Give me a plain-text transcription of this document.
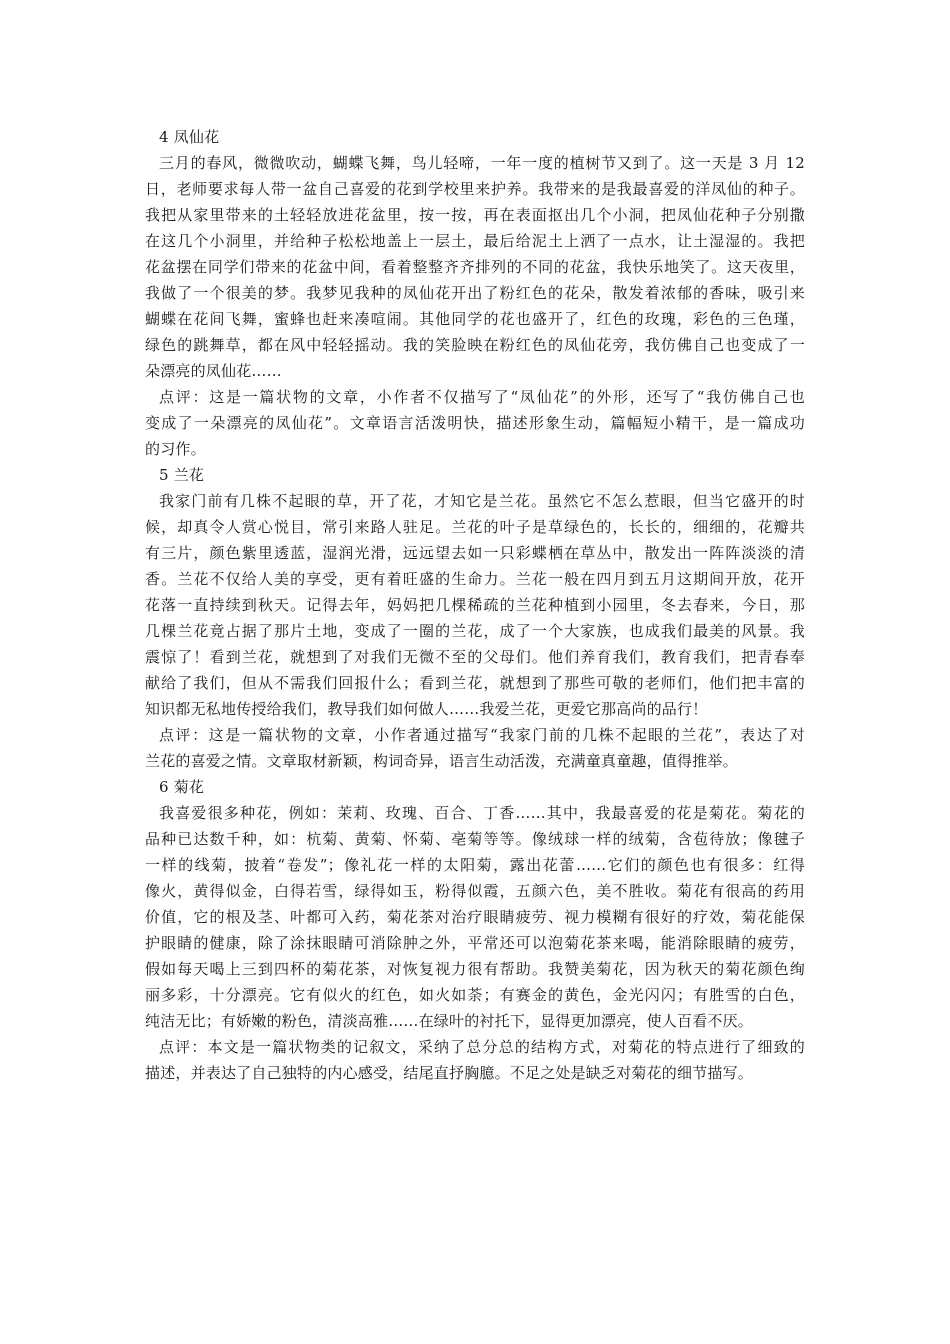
4 凤仙花
三月的春风，微微吹动，蝴蝶飞舞，鸟儿轻啼，一年一度的植树节又到了。这一天是 3 月 12
日，老师要求每人带一盆自己喜爱的花到学校里来护养。我带来的是我最喜爱的洋凤仙的种子。
我把从家里带来的土轻轻放进花盆里，按一按，再在表面抠出几个小洞，把凤仙花种子分别撒
在这几个小洞里，并给种子松松地盖上一层土，最后给泥土上洒了一点水，让土湿湿的。我把
花盆摆在同学们带来的花盆中间，看着整整齐齐排列的不同的花盆，我快乐地笑了。这天夜里，
我做了一个很美的梦。我梦见我种的凤仙花开出了粉红色的花朵，散发着浓郁的香味，吸引来
蝴蝶在花间飞舞，蜜蜂也赶来凑喧闹。其他同学的花也盛开了，红色的玫瑰，彩色的三色瑾，
绿色的跳舞草，都在风中轻轻摇动。我的笑脸映在粉红色的凤仙花旁，我仿佛自己也变成了一
朵漂亮的凤仙花……
点评：这是一篇状物的文章，小作者不仅描写了“凤仙花”的外形，还写了“我仿佛自己也
变成了一朵漂亮的凤仙花”。文章语言活泼明快，描述形象生动，篇幅短小精干，是一篇成功
的习作。
5 兰花
我家门前有几株不起眼的草，开了花，才知它是兰花。虽然它不怎么惹眼，但当它盛开的时
候，却真令人赏心悦目，常引来路人驻足。兰花的叶子是草绿色的，长长的，细细的，花瓣共
有三片，颜色紫里透蓝，湿润光滑，远远望去如一只彩蝶栖在草丛中，散发出一阵阵淡淡的清
香。兰花不仅给人美的享受，更有着旺盛的生命力。兰花一般在四月到五月这期间开放，花开
花落一直持续到秋天。记得去年，妈妈把几棵稀疏的兰花种植到小园里，冬去春来，今日，那
几棵兰花竟占据了那片土地，变成了一圈的兰花，成了一个大家族，也成我们最美的风景。我
震惊了！看到兰花，就想到了对我们无微不至的父母们。他们养育我们，教育我们，把青春奉
献给了我们，但从不需我们回报什么；看到兰花，就想到了那些可敬的老师们，他们把丰富的
知识都无私地传授给我们，教导我们如何做人……我爱兰花，更爱它那高尚的品行！
点评：这是一篇状物的文章，小作者通过描写“我家门前的几株不起眼的兰花”，表达了对
兰花的喜爱之情。文章取材新颖，构词奇异，语言生动活泼，充满童真童趣，值得推举。
6 菊花
我喜爱很多种花，例如：茉莉、玫瑰、百合、丁香……其中，我最喜爱的花是菊花。菊花的
品种已达数千种，如：杭菊、黄菊、怀菊、亳菊等等。像绒球一样的绒菊，含苞待放；像毽子
一样的线菊，披着“卷发”；像礼花一样的太阳菊，露出花蕾……它们的颜色也有很多：红得
像火，黄得似金，白得若雪，绿得如玉，粉得似霞，五颜六色，美不胜收。菊花有很高的药用
价值，它的根及茎、叶都可入药，菊花茶对治疗眼睛疲劳、视力模糊有很好的疗效，菊花能保
护眼睛的健康，除了涂抹眼睛可消除肿之外，平常还可以泡菊花茶来喝，能消除眼睛的疲劳，
假如每天喝上三到四杯的菊花茶，对恢复视力很有帮助。我赞美菊花，因为秋天的菊花颜色绚
丽多彩，十分漂亮。它有似火的红色，如火如荼；有赛金的黄色，金光闪闪；有胜雪的白色，
纯洁无比；有娇嫩的粉色，清淡高雅……在绿叶的衬托下，显得更加漂亮，使人百看不厌。
点评：本文是一篇状物类的记叙文，采纳了总分总的结构方式，对菊花的特点进行了细致的
描述，并表达了自己独特的内心感受，结尾直抒胸臆。不足之处是缺乏对菊花的细节描写。
